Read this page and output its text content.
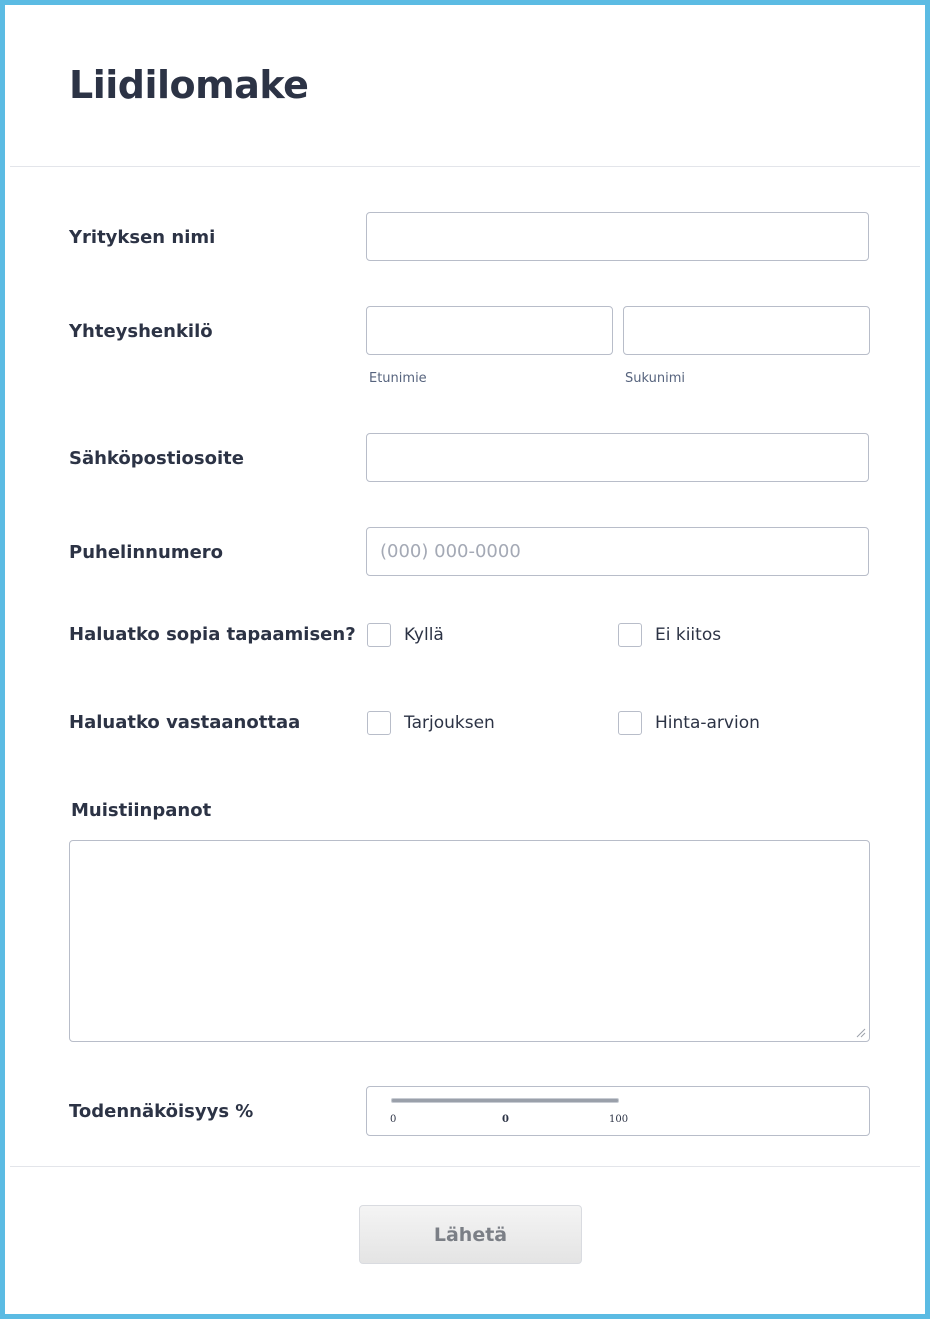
Liidilomake
Yrityksen nimi
Yhteyshenkilö
Etunimie	Sukunimi
Sähköpostiosoite
Puhelinnumero
(000) 000-0000
Haluatko sopia tapaamisen?	Kyllä	Ei kiitos
Haluatko vastaanottaa	Tarjouksen	Hinta-arvion
Muistiinpanot
Todennäköisyys %	0	0	100
Lähetä
